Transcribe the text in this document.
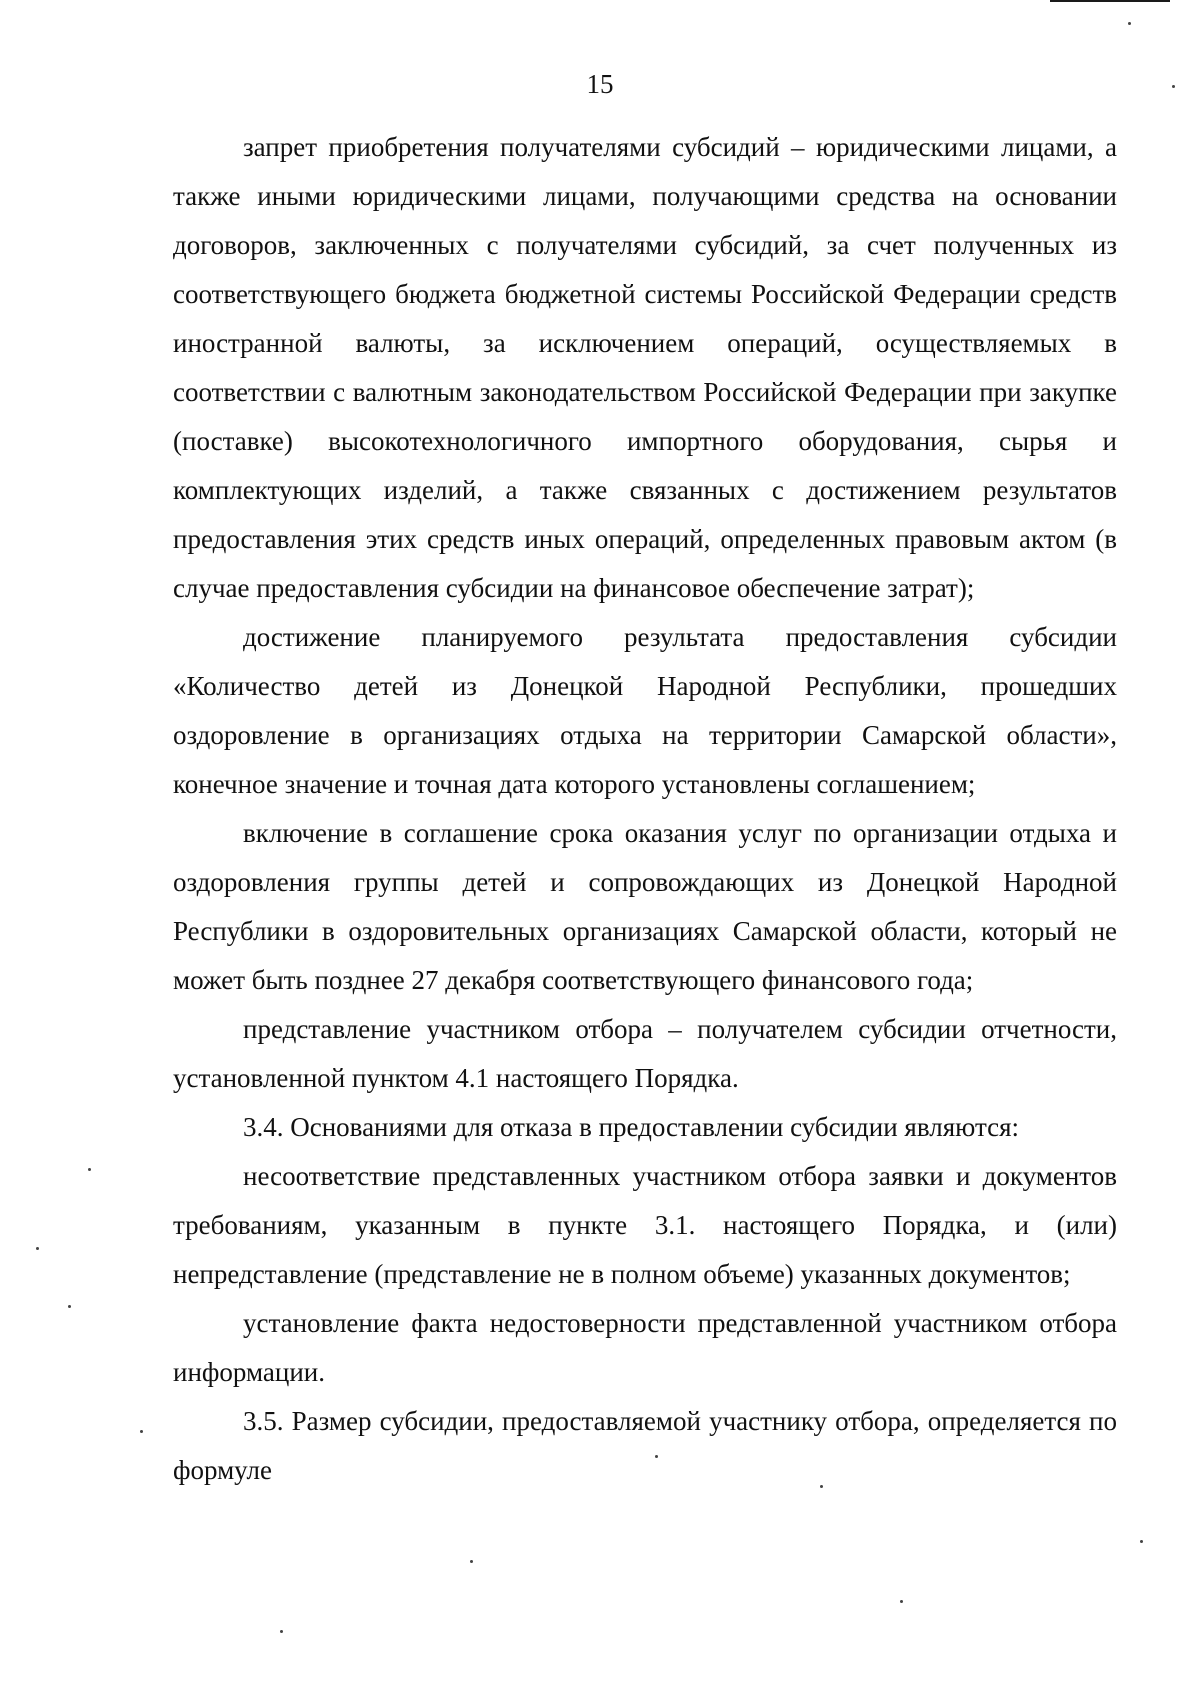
15

запрет приобретения получателями субсидий – юридическими лицами, а также иными юридическими лицами, получающими средства на основании договоров, заключенных с получателями субсидий, за счет полученных из соответствующего бюджета бюджетной системы Российской Федерации средств иностранной валюты, за исключением операций, осуществляемых в соответствии с валютным законодательством Российской Федерации при закупке (поставке) высокотехнологичного импортного оборудования, сырья и комплектующих изделий, а также связанных с достижением результатов предоставления этих средств иных операций, определенных правовым актом (в случае предоставления субсидии на финансовое обеспечение затрат);

достижение планируемого результата предоставления субсидии «Количество детей из Донецкой Народной Республики, прошедших оздоровление в организациях отдыха на территории Самарской области», конечное значение и точная дата которого установлены соглашением;

включение в соглашение срока оказания услуг по организации отдыха и оздоровления группы детей и сопровождающих из Донецкой Народной Республики в оздоровительных организациях Самарской области, который не может быть позднее 27 декабря соответствующего финансового года;

представление участником отбора – получателем субсидии отчетности, установленной пунктом 4.1 настоящего Порядка.

3.4. Основаниями для отказа в предоставлении субсидии являются:

несоответствие представленных участником отбора заявки и документов требованиям, указанным в пункте 3.1. настоящего Порядка, и (или) непредставление (представление не в полном объеме) указанных документов;

установление факта недостоверности представленной участником отбора информации.

3.5. Размер субсидии, предоставляемой участнику отбора, определяется по формуле
